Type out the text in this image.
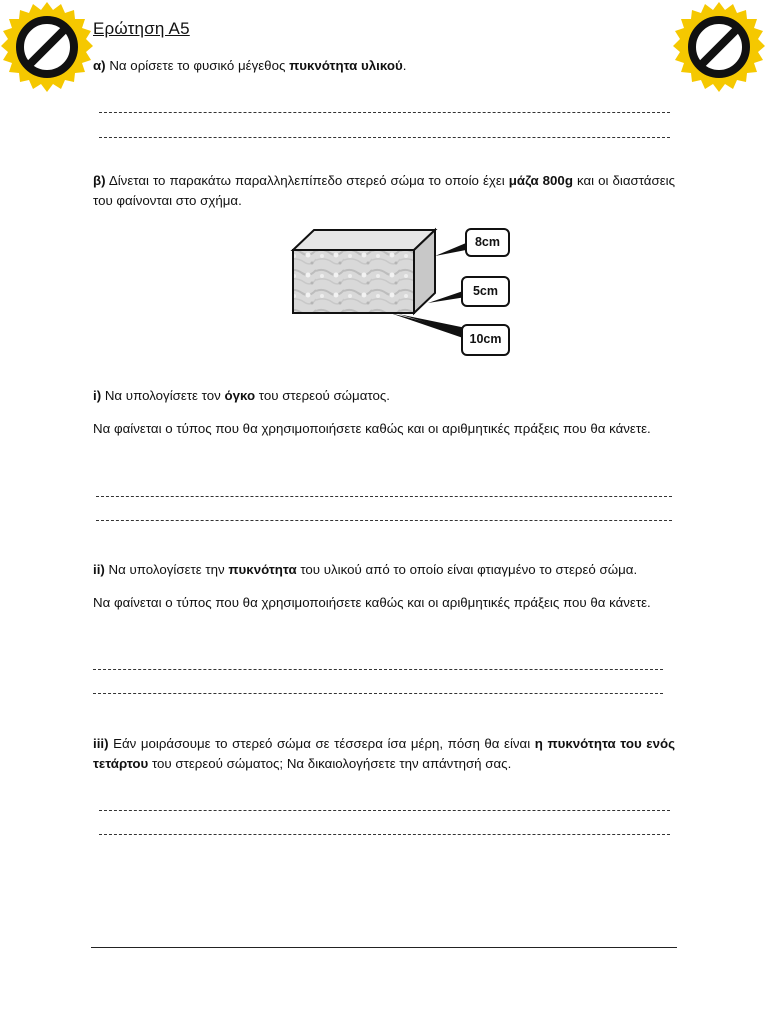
Ερώτηση Α5
α) Να ορίσετε το φυσικό μέγεθος πυκνότητα υλικού.
β) Δίνεται το παρακάτω παραλληλεπίπεδο στερεό σώμα το οποίο έχει μάζα 800g και οι διαστάσεις του φαίνονται στο σχήμα.
8cm
5cm
10cm
i) Να υπολογίσετε τον όγκο του στερεού σώματος.
Να φαίνεται ο τύπος που θα χρησιμοποιήσετε καθώς και οι αριθμητικές πράξεις που θα κάνετε.
ii) Να υπολογίσετε την πυκνότητα του υλικού από το οποίο είναι φτιαγμένο το στερεό σώμα.
Να φαίνεται ο τύπος που θα χρησιμοποιήσετε καθώς και οι αριθμητικές πράξεις που θα κάνετε.
iii) Εάν μοιράσουμε το στερεό σώμα σε τέσσερα ίσα μέρη, πόση θα είναι η πυκνότητα του ενός τετάρτου του στερεού σώματος; Να δικαιολογήσετε την απάντησή σας.
